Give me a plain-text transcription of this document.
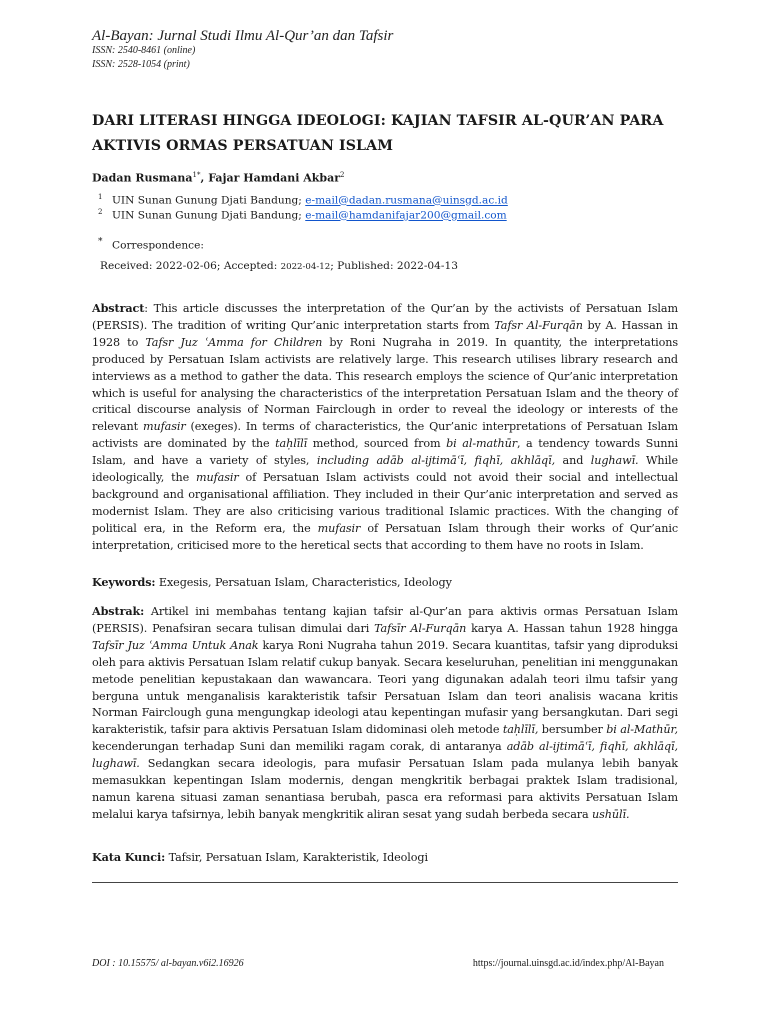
Al-Bayan: Jurnal Studi Ilmu Al-Qur’an dan Tafsir
ISSN: 2540-8461 (online)
ISSN: 2528-1054 (print)
DARI LITERASI HINGGA IDEOLOGI: KAJIAN TAFSIR AL-QUR’AN PARA AKTIVIS ORMAS PERSATUAN ISLAM
Dadan Rusmana$^{1*}$, Fajar Hamdani Akbar$^2$
1 UIN Sunan Gunung Djati Bandung; e-mail@dadan.rusmana@uinsgd.ac.id
2 UIN Sunan Gunung Djati Bandung; e-mail@hamdanifajar200@gmail.com
* Correspondence:
Received: 2022-02-06; Accepted: 2022-04-12; Published: 2022-04-13

Abstract: This article discusses the interpretation of the Qur’an by the activists of Persatuan Islam (PERSIS). The tradition of writing Qur’anic interpretation starts from Tafsr Al-Furqān by A. Hassan in 1928 to Tafsr Juz ʿAmma for Children by Roni Nugraha in 2019. In quantity, the interpretations produced by Persatuan Islam activists are relatively large. This research utilises library research and interviews as a method to gather the data. This research employs the science of Qur’anic interpretation which is useful for analysing the characteristics of the interpretation Persatuan Islam and the theory of critical discourse analysis of Norman Fairclough in order to reveal the ideology or interests of the relevant mufasir (exeges). In terms of characteristics, the Qur’anic interpretations of Persatuan Islam activists are dominated by the taḥlīlī method, sourced from bi al-mathūr, a tendency towards Sunni Islam, and have a variety of styles, including adāb al-ijtimāʿī, fiqhī, akhlāqī, and lughawī. While ideologically, the mufasir of Persatuan Islam activists could not avoid their social and intellectual background and organisational affiliation. They included in their Qur’anic interpretation and served as modernist Islam. They are also criticising various traditional Islamic practices. With the changing of political era, in the Reform era, the mufasir of Persatuan Islam through their works of Qur’anic interpretation, criticised more to the heretical sects that according to them have no roots in Islam.

Keywords: Exegesis, Persatuan Islam, Characteristics, Ideology

Abstrak: Artikel ini membahas tentang kajian tafsir al-Qur’an para aktivis ormas Persatuan Islam (PERSIS). Penafsiran secara tulisan dimulai dari Tafsīr Al-Furqān karya A. Hassan tahun 1928 hingga Tafsīr Juz ʿAmma Untuk Anak karya Roni Nugraha tahun 2019. Secara kuantitas, tafsir yang diproduksi oleh para aktivis Persatuan Islam relatif cukup banyak. Secara keseluruhan, penelitian ini menggunakan metode penelitian kepustakaan dan wawancara. Teori yang digunakan adalah teori ilmu tafsir yang berguna untuk menganalisis karakteristik tafsir Persatuan Islam dan teori analisis wacana kritis Norman Fairclough guna mengungkap ideologi atau kepentingan mufasir yang bersangkutan. Dari segi karakteristik, tafsir para aktivis Persatuan Islam didominasi oleh metode taḥlīlī, bersumber bi al-Mathūr, kecenderungan terhadap Suni dan memiliki ragam corak, di antaranya adāb al-ijtimāʿī, fiqhī, akhlāqī, lughawī. Sedangkan secara ideologis, para mufasir Persatuan Islam pada mulanya lebih banyak memasukkan kepentingan Islam modernis, dengan mengkritik berbagai praktek Islam tradisional, namun karena situasi zaman senantiasa berubah, pasca era reformasi para aktivits Persatuan Islam melalui karya tafsirnya, lebih banyak mengkritik aliran sesat yang sudah berbeda secara ushūlī.

Kata Kunci: Tafsir, Persatuan Islam, Karakteristik, Ideologi

DOI : 10.15575/ al-bayan.v6i2.16926	https://journal.uinsgd.ac.id/index.php/Al-Bayan
